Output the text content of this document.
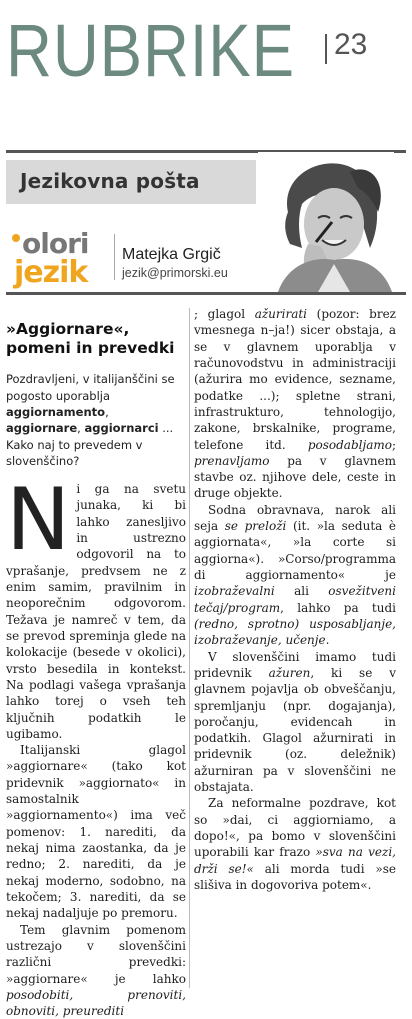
RUBRIKE 23
Jezikovna pošta
olori
jezik
Matejka Grgič
jezik@primorski.eu
»Aggiornare«, pomeni in prevedki

Pozdravljeni, v italijanščini se pogosto uporablja aggiornamento, aggiornare, aggiornarci ... Kako naj to prevedem v slovenščino?

Ni ga na svetu junaka, ki bi lahko zanesljivo in ustrezno odgovoril na to vprašanje, predvsem ne z enim samim, pravilnim in neoporečnim odgovorom. Težava je namreč v tem, da se prevod spreminja glede na kolokacije (besede v okolici), vrsto besedila in kontekst. Na podlagi vašega vprašanja lahko torej o vseh teh ključnih podatkih le ugibamo.

Italijanski glagol »aggiornare« (tako kot pridevnik »aggiornato« in samostalnik »aggiornamento«) ima več pomenov: 1. narediti, da nekaj nima zaostanka, da je redno; 2. narediti, da je nekaj moderno, sodobno, na tekočem; 3. narediti, da se nekaj nadaljuje po premoru.

Tem glavnim pomenom ustrezajo v slovenščini različni prevedki: »aggiornare« je lahko posodobiti, prenoviti, obnoviti, preurediti

; glagol ažurirati (pozor: brez vmesnega n–ja!) sicer obstaja, a se v glavnem uporablja v računovodstvu in administraciji (ažurira mo evidence, sezname, podatke ...); spletne strani, infrastrukturo, tehnologijo, zakone, brskalnike, programe, telefone itd. posodabljamo; prenavljamo pa v glavnem stavbe oz. njihove dele, ceste in druge objekte.

Sodna obravnava, narok ali seja se preloži (it. »la seduta è aggiornata«, »la corte si aggiorna«). »Corso/programma di aggiornamento« je izobraževalni ali osvežitveni tečaj/program, lahko pa tudi (redno, sprotno) usposabljanje, izobraževanje, učenje.

V slovenščini imamo tudi pridevnik ažuren, ki se v glavnem pojavlja ob obveščanju, spremljanju (npr. dogajanja), poročanju, evidencah in podatkih. Glagol ažurnirati in pridevnik (oz. deležnik) ažurniran pa v slovenščini ne obstajata.

Za neformalne pozdrave, kot so »dai, ci aggiorniamo, a dopo!«, pa bomo v slovenščini uporabili kar frazo »sva na vezi, drži se!« ali morda tudi »se slišiva in dogovoriva potem«.
